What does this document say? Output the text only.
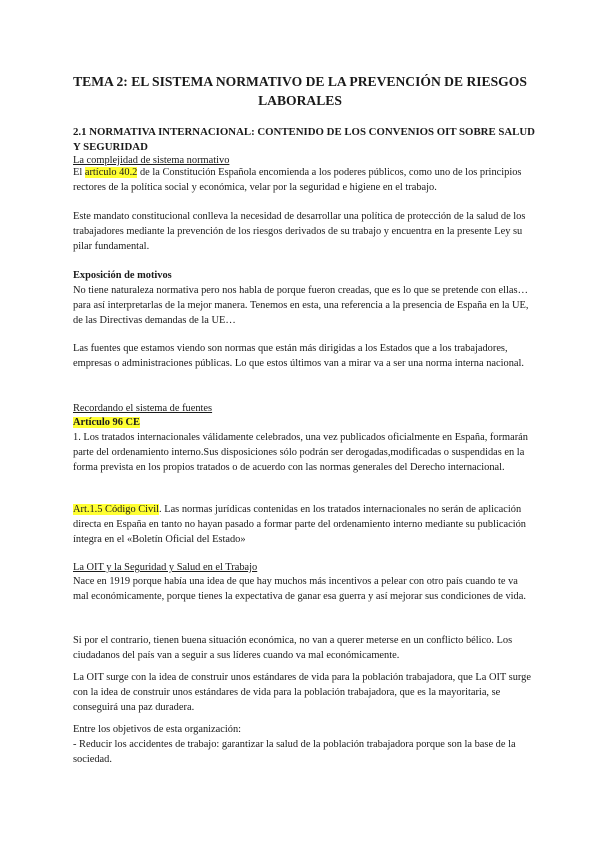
TEMA 2: EL SISTEMA NORMATIVO DE LA PREVENCIÓN DE RIESGOS LABORALES
2.1 NORMATIVA INTERNACIONAL: CONTENIDO DE LOS CONVENIOS OIT SOBRE SALUD Y SEGURIDAD
La complejidad de sistema normativo
El artículo 40.2 de la Constitución Española encomienda a los poderes públicos, como uno de los principios rectores de la política social y económica, velar por la seguridad e higiene en el trabajo.
Este mandato constitucional conlleva la necesidad de desarrollar una política de protección de la salud de los trabajadores mediante la prevención de los riesgos derivados de su trabajo y encuentra en la presente Ley su pilar fundamental.
Exposición de motivos
No tiene naturaleza normativa pero nos habla de porque fueron creadas, que es lo que se pretende con ellas… para así interpretarlas de la mejor manera. Tenemos en esta, una referencia a la presencia de España en la UE, de las Directivas demandas de la UE…
Las fuentes que estamos viendo son normas que están más dirigidas a los Estados que a los trabajadores, empresas o administraciones públicas. Lo que estos últimos van a mirar va a ser una norma interna nacional.
Recordando el sistema de fuentes
Artículo 96 CE
1. Los tratados internacionales válidamente celebrados, una vez publicados oficialmente en España, formarán parte del ordenamiento interno.Sus disposiciones sólo podrán ser derogadas,modificadas o suspendidas en la forma prevista en los propios tratados o de acuerdo con las normas generales del Derecho internacional.
Art.1.5 Código Civil. Las normas jurídicas contenidas en los tratados internacionales no serán de aplicación directa en España en tanto no hayan pasado a formar parte del ordenamiento interno mediante su publicación íntegra en el «Boletín Oficial del Estado»
La OIT y la Seguridad y Salud en el Trabajo
Nace en 1919 porque había una idea de que hay muchos más incentivos a pelear con otro país cuando te va mal económicamente, porque tienes la expectativa de ganar esa guerra y así mejorar sus condiciones de vida.
Si por el contrario, tienen buena situación económica, no van a querer meterse en un conflicto bélico. Los ciudadanos del país van a seguir a sus líderes cuando va mal económicamente.
La OIT surge con la idea de construir unos estándares de vida para la población trabajadora, que La OIT surge con la idea de construir unos estándares de vida para la población trabajadora, que es la mayoritaria, se conseguirá una paz duradera.
Entre los objetivos de esta organización:
- Reducir los accidentes de trabajo: garantizar la salud de la población trabajadora porque son la base de la sociedad.
